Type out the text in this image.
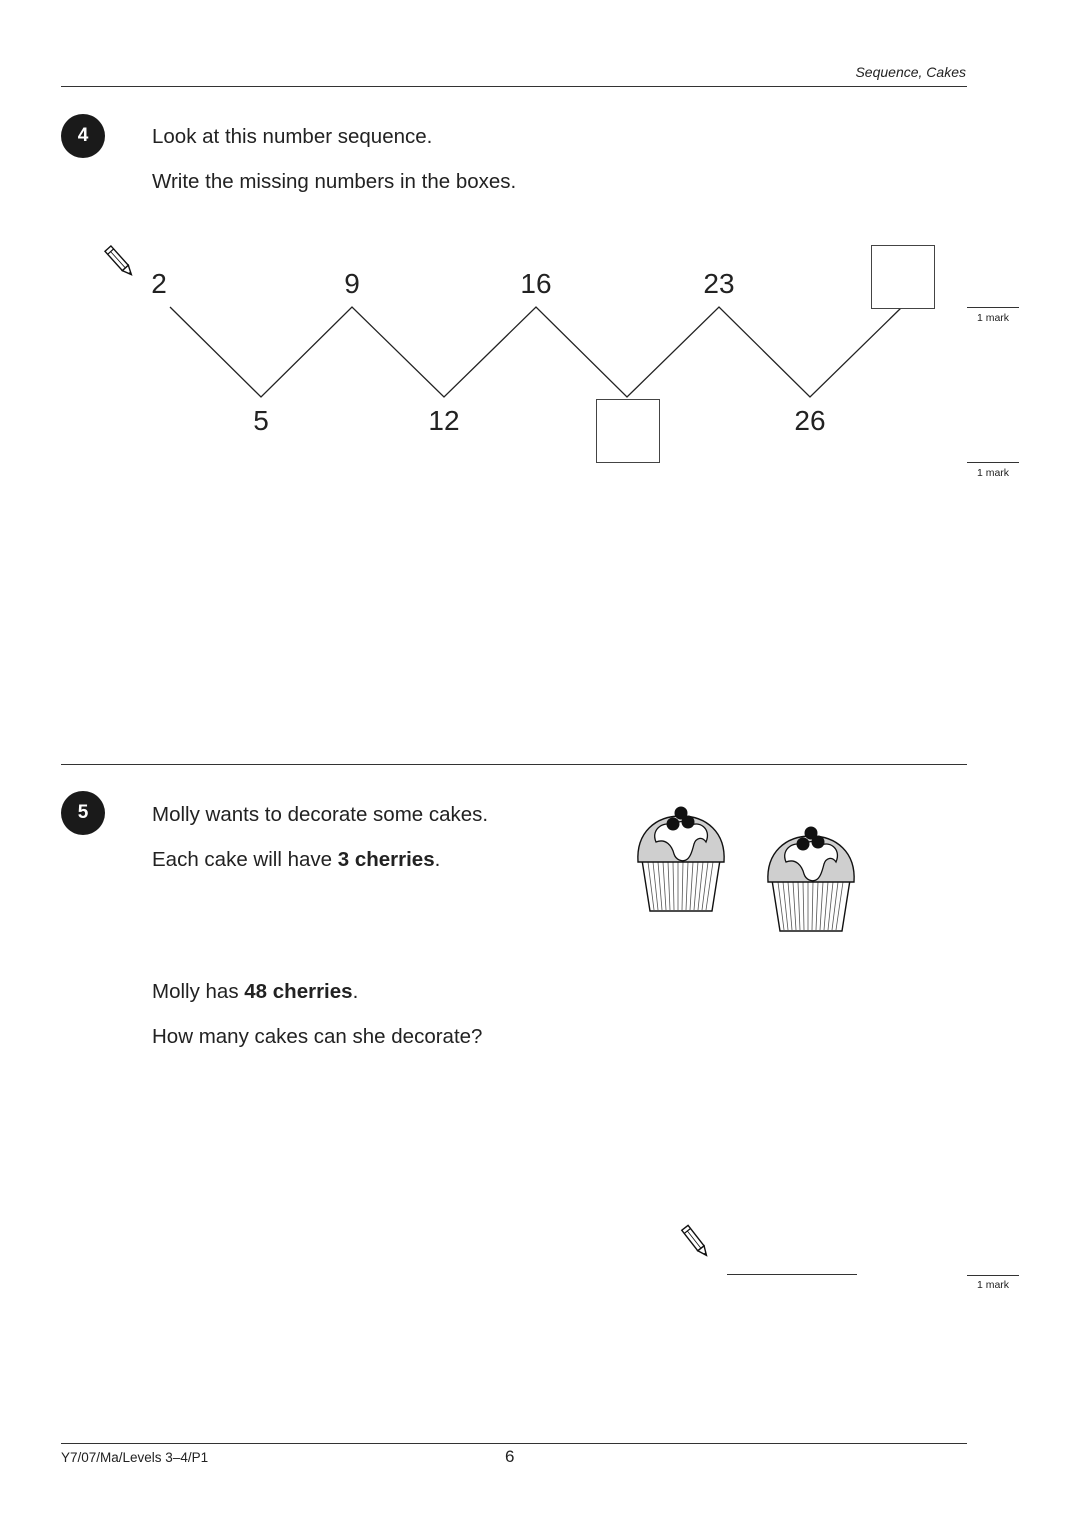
Sequence, Cakes
4	Look at this number sequence.
Write the missing numbers in the boxes.
2	9	16	23
5	12	26
1 mark
1 mark
5	Molly wants to decorate some cakes.
Each cake will have 3 cherries.
Molly has 48 cherries.
How many cakes can she decorate?
1 mark
Y7/07/Ma/Levels 3–4/P1	6
